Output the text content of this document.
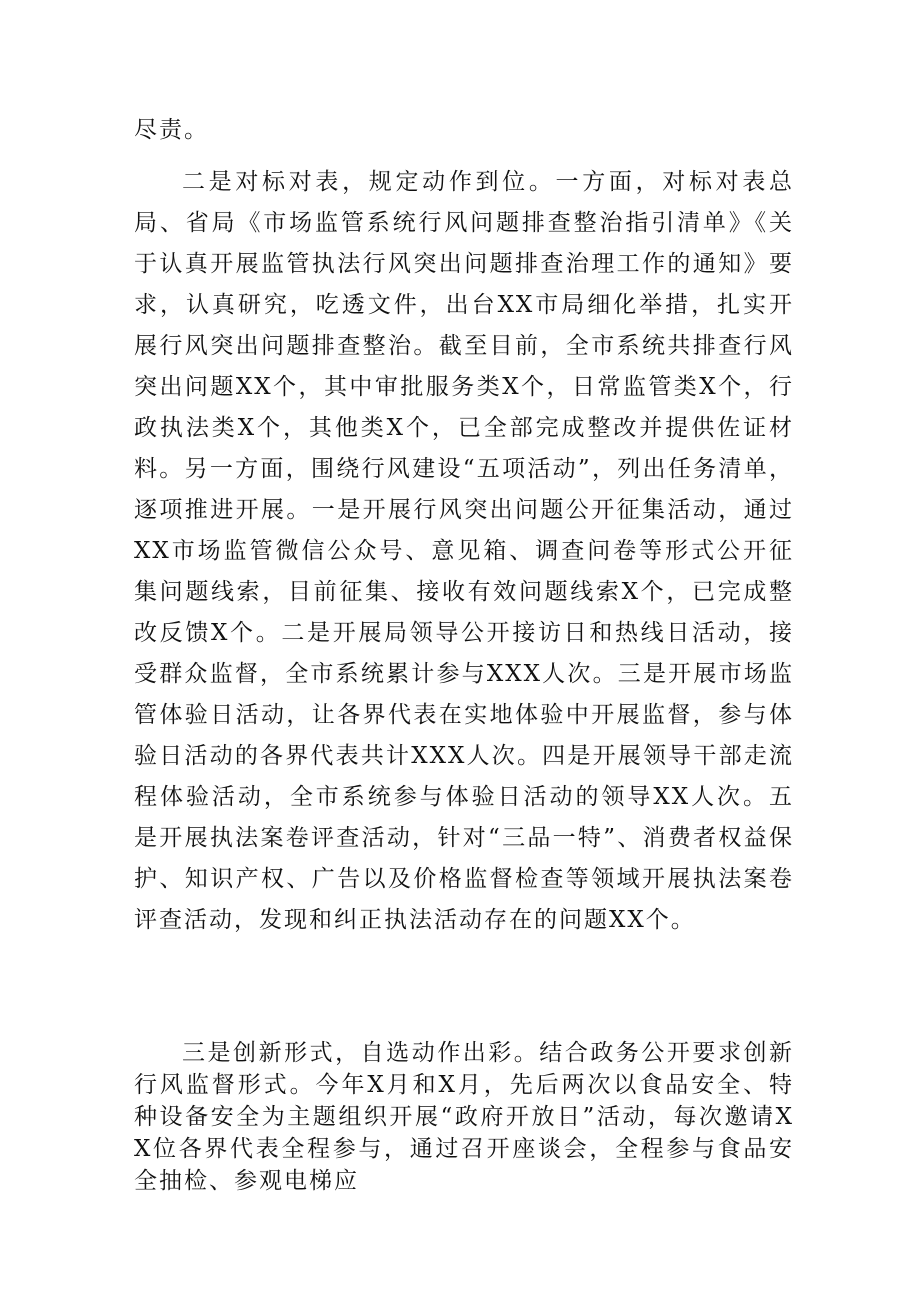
尽责。

二是对标对表，规定动作到位。一方面，对标对表总局、省局《市场监管系统行风问题排查整治指引清单》《关于认真开展监管执法行风突出问题排查治理工作的通知》要求，认真研究，吃透文件，出台XX市局细化举措，扎实开展行风突出问题排查整治。截至目前，全市系统共排查行风突出问题XX个，其中审批服务类X个，日常监管类X个，行政执法类X个，其他类X个，已全部完成整改并提供佐证材料。另一方面，围绕行风建设“五项活动”，列出任务清单，逐项推进开展。一是开展行风突出问题公开征集活动，通过XX市场监管微信公众号、意见箱、调查问卷等形式公开征集问题线索，目前征集、接收有效问题线索X个，已完成整改反馈X个。二是开展局领导公开接访日和热线日活动，接受群众监督，全市系统累计参与XXX人次。三是开展市场监管体验日活动，让各界代表在实地体验中开展监督，参与体验日活动的各界代表共计XXX人次。四是开展领导干部走流程体验活动，全市系统参与体验日活动的领导XX人次。五是开展执法案卷评查活动，针对“三品一特”、消费者权益保护、知识产权、广告以及价格监督检查等领域开展执法案卷评查活动，发现和纠正执法活动存在的问题XX个。

三是创新形式，自选动作出彩。结合政务公开要求创新行风监督形式。今年X月和X月，先后两次以食品安全、特种设备安全为主题组织开展“政府开放日”活动，每次邀请XX位各界代表全程参与，通过召开座谈会，全程参与食品安全抽检、参观电梯应
